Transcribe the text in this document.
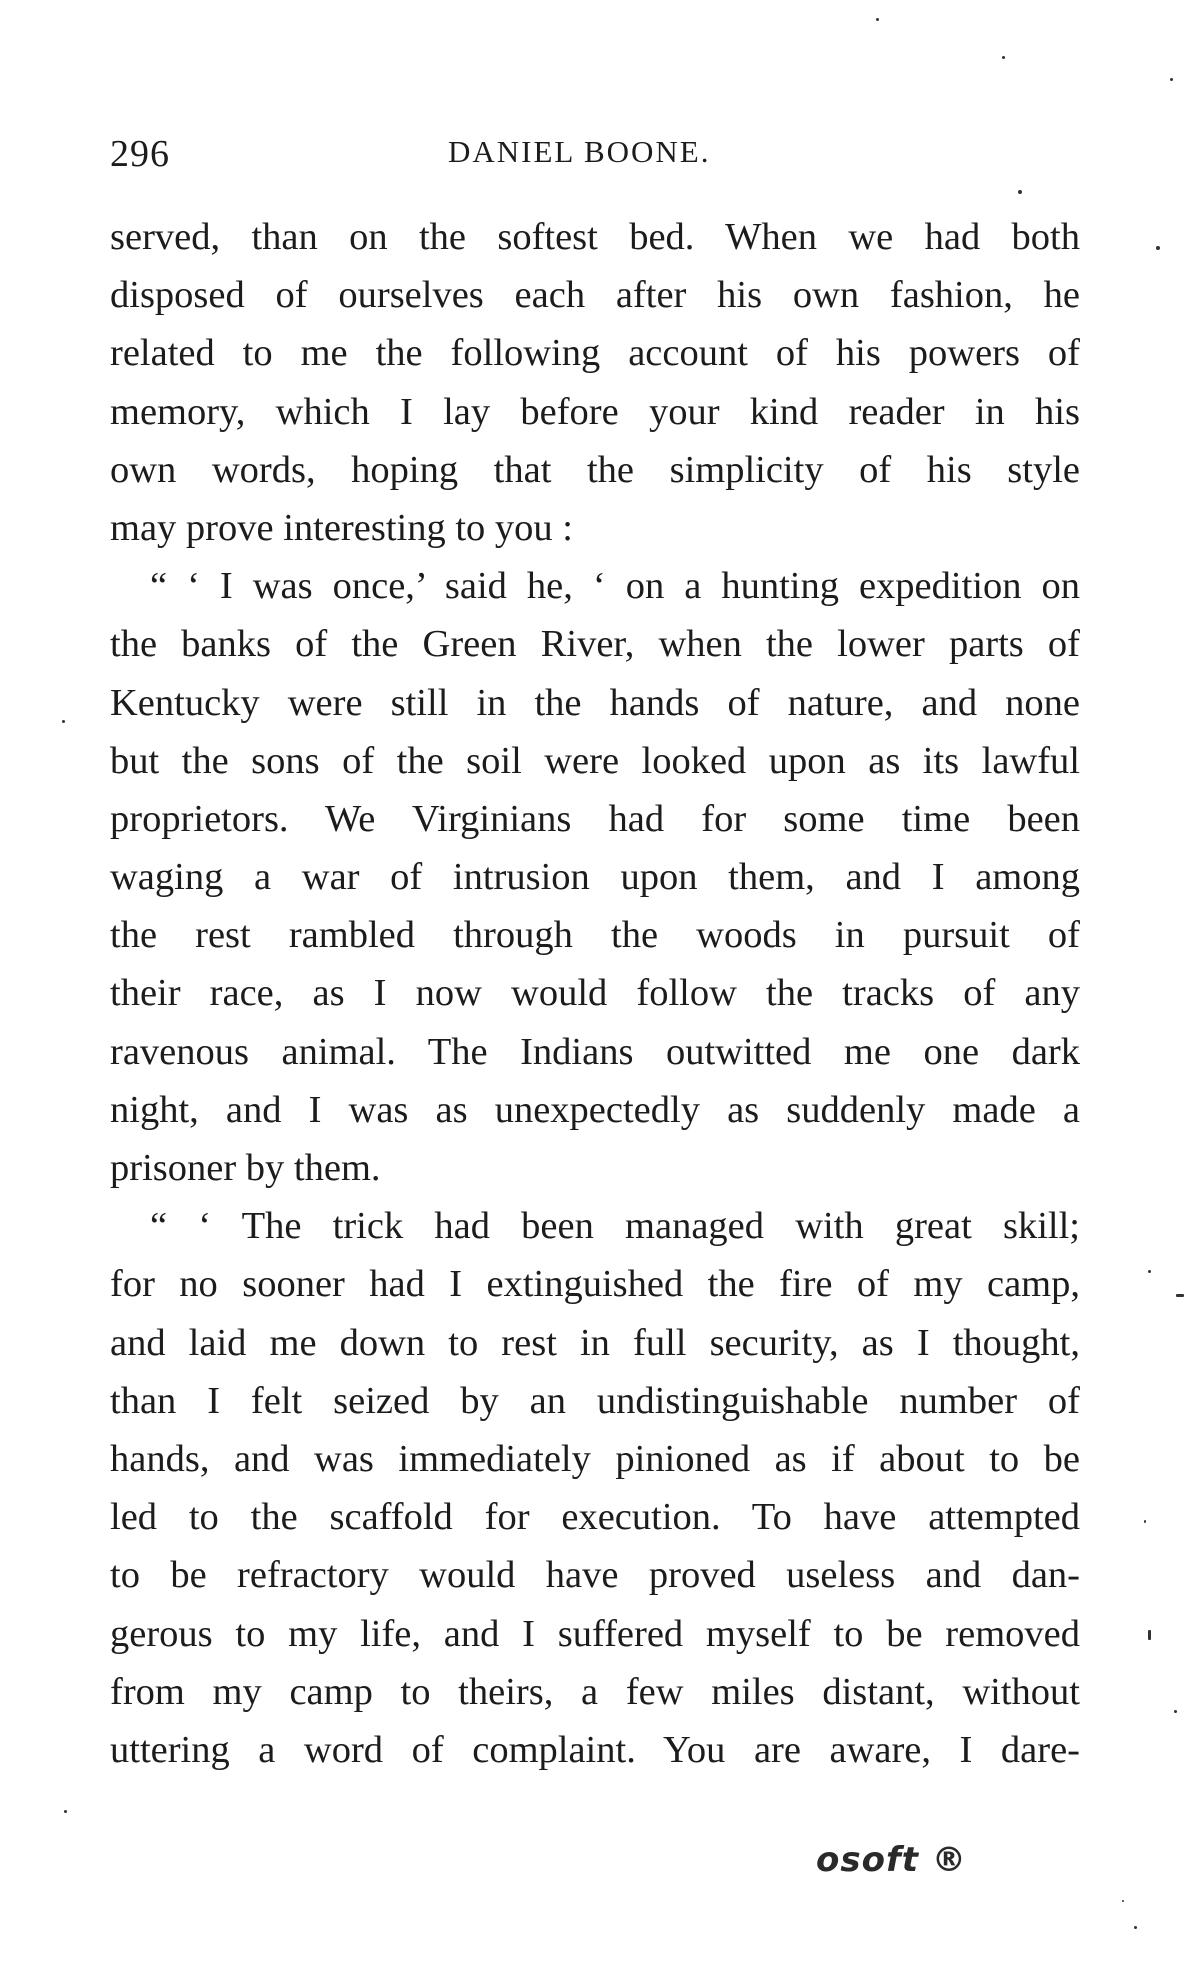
296	DANIEL BOONE.
served, than on the softest bed. When we had both
disposed of ourselves each after his own fashion, he
related to me the following account of his powers of
memory, which I lay before your kind reader in his
own words, hoping that the simplicity of his style
may prove interesting to you :
“ ‘ I was once,’ said he, ‘ on a hunting expedition on
the banks of the Green River, when the lower parts of
Kentucky were still in the hands of nature, and none
but the sons of the soil were looked upon as its lawful
proprietors. We Virginians had for some time been
waging a war of intrusion upon them, and I among
the rest rambled through the woods in pursuit of
their race, as I now would follow the tracks of any
ravenous animal. The Indians outwitted me one dark
night, and I was as unexpectedly as suddenly made a
prisoner by them.
“ ‘ The trick had been managed with great skill;
for no sooner had I extinguished the fire of my camp,
and laid me down to rest in full security, as I thought,
than I felt seized by an undistinguishable number of
hands, and was immediately pinioned as if about to be
led to the scaffold for execution. To have attempted
to be refractory would have proved useless and dan-
gerous to my life, and I suffered myself to be removed
from my camp to theirs, a few miles distant, without
uttering a word of complaint. You are aware, I dare-
osoft ®
